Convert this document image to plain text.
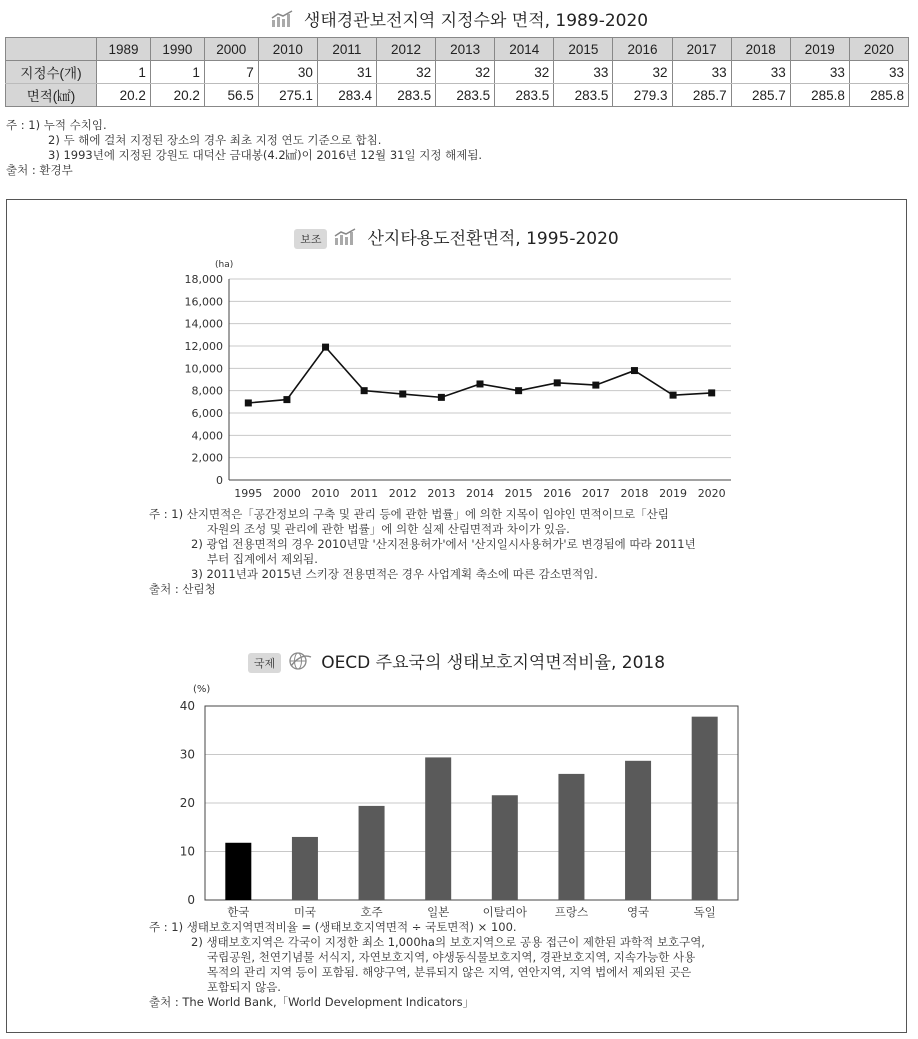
생태경관보전지역 지정수와 면적, 1989-2020
	1989	1990	2000	2010	2011	2012	2013	2014	2015	2016	2017	2018	2019	2020
지정수(개)	1	1	7	30	31	32	32	32	33	32	33	33	33	33
면적(㎢)	20.2	20.2	56.5	275.1	283.4	283.5	283.5	283.5	283.5	279.3	285.7	285.7	285.8	285.8
주 : 1) 누적 수치임.
2) 두 해에 걸쳐 지정된 장소의 경우 최초 지정 연도 기준으로 합침.
3) 1993년에 지정된 강원도 대덕산 금대봉(4.2㎢)이 2016년 12월 31일 지정 해제됨.
출처 : 환경부
보조	산지타용도전환면적, 1995-2020
(ha)
0
2,000
4,000
6,000
8,000
10,000
12,000
14,000
16,000
18,000
1995 2000 2010 2011 2012 2013 2014 2015 2016 2017 2018 2019 2020
주 : 1) 산지면적은「공간정보의 구축 및 관리 등에 관한 법률」에 의한 지목이 임야인 면적이므로「산림
자원의 조성 및 관리에 관한 법률」에 의한 실제 산림면적과 차이가 있음.
2) 광업 전용면적의 경우 2010년말 '산지전용허가'에서 '산지일시사용허가'로 변경됨에 따라 2011년
부터 집계에서 제외됨.
3) 2011년과 2015년 스키장 전용면적은 경우 사업계획 축소에 따른 감소면적임.
출처 : 산림청
국제	OECD 주요국의 생태보호지역면적비율, 2018
(%)
0
10
20
30
40
한국	미국	호주	일본	이탈리아 프랑스	영국	독일
주 : 1) 생태보호지역면적비율 = (생태보호지역면적 ÷ 국토면적) × 100.
2) 생태보호지역은 각국이 지정한 최소 1,000ha의 보호지역으로 공용 접근이 제한된 과학적 보호구역,
국립공원, 천연기념물 서식지, 자연보호지역, 야생동식물보호지역, 경관보호지역, 지속가능한 사용
목적의 관리 지역 등이 포함됨. 해양구역, 분류되지 않은 지역, 연안지역, 지역 법에서 제외된 곳은
포함되지 않음.
출처 : The World Bank,「World Development Indicators」
